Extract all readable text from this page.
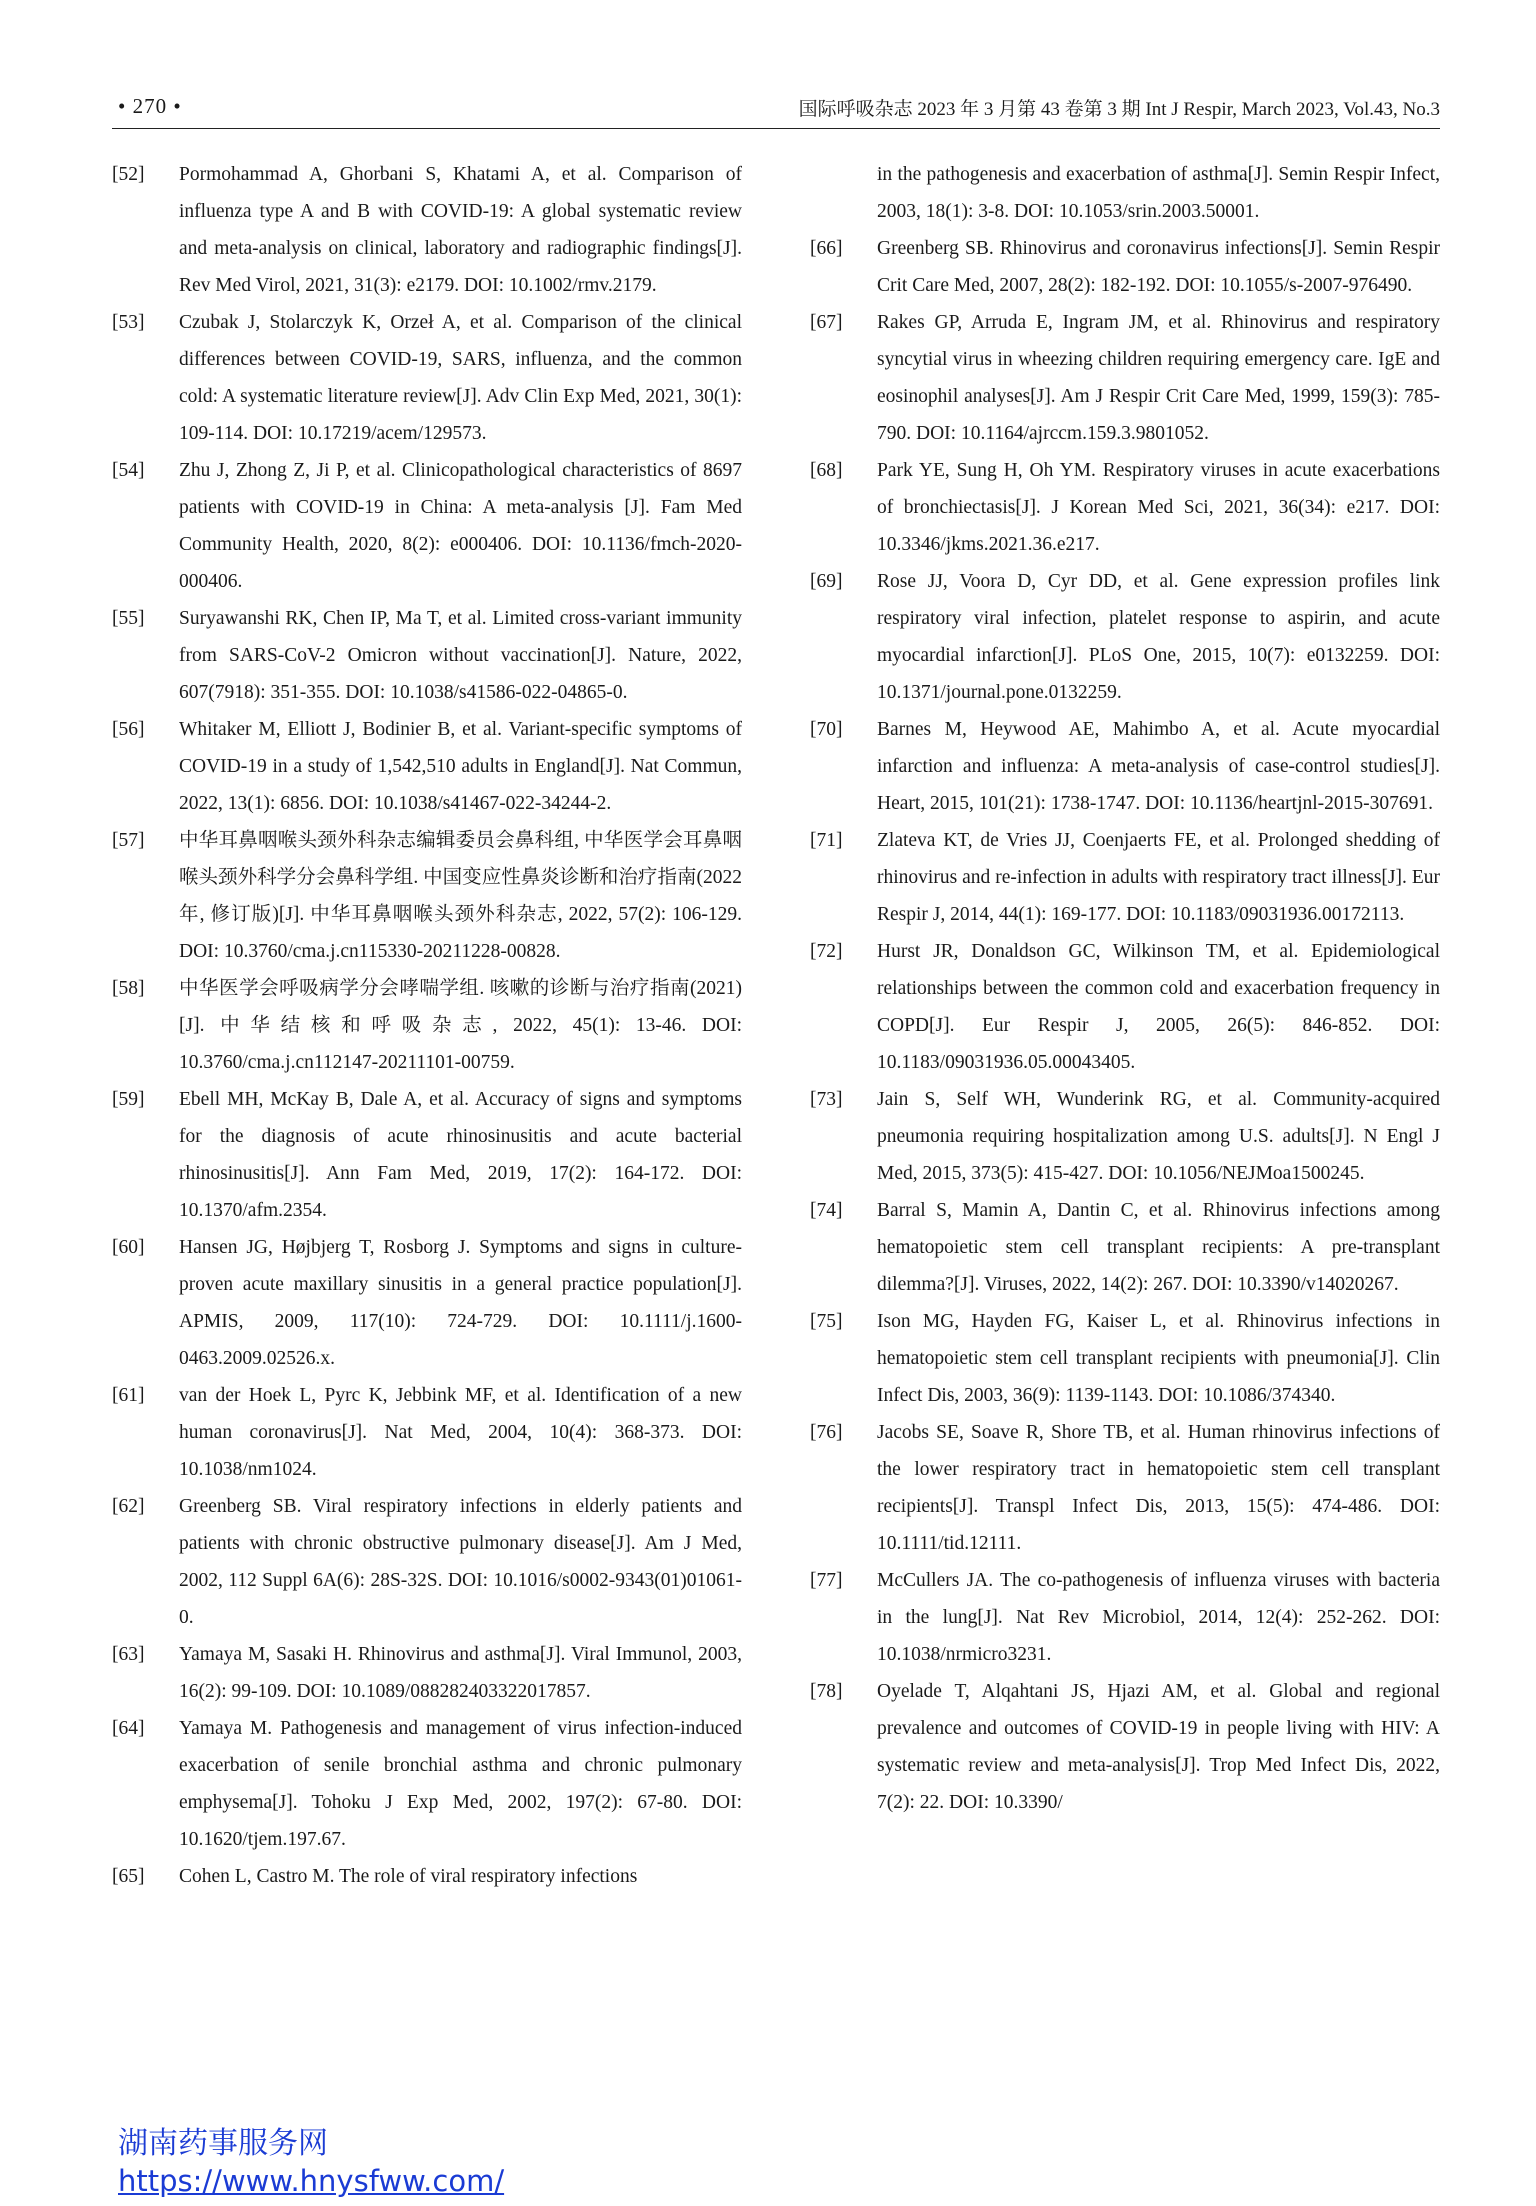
• 270 •	国际呼吸杂志 2023 年 3 月第 43 卷第 3 期 Int J Respir, March 2023, Vol.43, No.3

[52]	Pormohammad A, Ghorbani S, Khatami A, et al. Comparison of influenza type A and B with COVID-19: A global systematic review and meta-analysis on clinical, laboratory and radiographic findings[J]. Rev Med Virol, 2021, 31(3): e2179. DOI: 10.1002/rmv.2179.

[53]	Czubak J, Stolarczyk K, Orzeł A, et al. Comparison of the clinical differences between COVID-19, SARS, influenza, and the common cold: A systematic literature review[J]. Adv Clin Exp Med, 2021, 30(1): 109-114. DOI: 10.17219/acem/129573.

[54]	Zhu J, Zhong Z, Ji P, et al. Clinicopathological characteristics of 8697 patients with COVID-19 in China: A meta-analysis [J]. Fam Med Community Health, 2020, 8(2): e000406. DOI: 10.1136/fmch-2020-000406.

[55]	Suryawanshi RK, Chen IP, Ma T, et al. Limited cross-variant immunity from SARS-CoV-2 Omicron without vaccination[J]. Nature, 2022, 607(7918): 351-355. DOI: 10.1038/s41586-022-04865-0.

[56]	Whitaker M, Elliott J, Bodinier B, et al. Variant-specific symptoms of COVID-19 in a study of 1,542,510 adults in England[J]. Nat Commun, 2022, 13(1): 6856. DOI: 10.1038/s41467-022-34244-2.

[57]	中华耳鼻咽喉头颈外科杂志编辑委员会鼻科组, 中华医学会耳鼻咽喉头颈外科学分会鼻科学组. 中国变应性鼻炎诊断和治疗指南(2022 年, 修订版)[J]. 中华耳鼻咽喉头颈外科杂志, 2022, 57(2): 106-129. DOI: 10.3760/cma.j.cn115330-20211228-00828.

[58]	中华医学会呼吸病学分会哮喘学组. 咳嗽的诊断与治疗指南(2021)[J]. 中华结核和呼吸杂志, 2022, 45(1): 13-46. DOI: 10.3760/cma.j.cn112147-20211101-00759.

[59]	Ebell MH, McKay B, Dale A, et al. Accuracy of signs and symptoms for the diagnosis of acute rhinosinusitis and acute bacterial rhinosinusitis[J]. Ann Fam Med, 2019, 17(2): 164-172. DOI: 10.1370/afm.2354.

[60]	Hansen JG, Højbjerg T, Rosborg J. Symptoms and signs in culture-proven acute maxillary sinusitis in a general practice population[J]. APMIS, 2009, 117(10): 724-729. DOI: 10.1111/j.1600-0463.2009.02526.x.

[61]	van der Hoek L, Pyrc K, Jebbink MF, et al. Identification of a new human coronavirus[J]. Nat Med, 2004, 10(4): 368-373. DOI: 10.1038/nm1024.

[62]	Greenberg SB. Viral respiratory infections in elderly patients and patients with chronic obstructive pulmonary disease[J]. Am J Med, 2002, 112 Suppl 6A(6): 28S-32S. DOI: 10.1016/s0002-9343(01)01061-0.

[63]	Yamaya M, Sasaki H. Rhinovirus and asthma[J]. Viral Immunol, 2003, 16(2): 99-109. DOI: 10.1089/088282403322017857.

[64]	Yamaya M. Pathogenesis and management of virus infection-induced exacerbation of senile bronchial asthma and chronic pulmonary emphysema[J]. Tohoku J Exp Med, 2002, 197(2): 67-80. DOI: 10.1620/tjem.197.67.

[65]	Cohen L, Castro M. The role of viral respiratory infections

in the pathogenesis and exacerbation of asthma[J]. Semin Respir Infect, 2003, 18(1): 3-8. DOI: 10.1053/srin.2003.50001.

[66]	Greenberg SB. Rhinovirus and coronavirus infections[J]. Semin Respir Crit Care Med, 2007, 28(2): 182-192. DOI: 10.1055/s-2007-976490.

[67]	Rakes GP, Arruda E, Ingram JM, et al. Rhinovirus and respiratory syncytial virus in wheezing children requiring emergency care. IgE and eosinophil analyses[J]. Am J Respir Crit Care Med, 1999, 159(3): 785-790. DOI: 10.1164/ajrccm.159.3.9801052.

[68]	Park YE, Sung H, Oh YM. Respiratory viruses in acute exacerbations of bronchiectasis[J]. J Korean Med Sci, 2021, 36(34): e217. DOI: 10.3346/jkms.2021.36.e217.

[69]	Rose JJ, Voora D, Cyr DD, et al. Gene expression profiles link respiratory viral infection, platelet response to aspirin, and acute myocardial infarction[J]. PLoS One, 2015, 10(7): e0132259. DOI: 10.1371/journal.pone.0132259.

[70]	Barnes M, Heywood AE, Mahimbo A, et al. Acute myocardial infarction and influenza: A meta-analysis of case-control studies[J]. Heart, 2015, 101(21): 1738-1747. DOI: 10.1136/heartjnl-2015-307691.

[71]	Zlateva KT, de Vries JJ, Coenjaerts FE, et al. Prolonged shedding of rhinovirus and re-infection in adults with respiratory tract illness[J]. Eur Respir J, 2014, 44(1): 169-177. DOI: 10.1183/09031936.00172113.

[72]	Hurst JR, Donaldson GC, Wilkinson TM, et al. Epidemiological relationships between the common cold and exacerbation frequency in COPD[J]. Eur Respir J, 2005, 26(5): 846-852. DOI: 10.1183/09031936.05.00043405.

[73]	Jain S, Self WH, Wunderink RG, et al. Community-acquired pneumonia requiring hospitalization among U.S. adults[J]. N Engl J Med, 2015, 373(5): 415-427. DOI: 10.1056/NEJMoa1500245.

[74]	Barral S, Mamin A, Dantin C, et al. Rhinovirus infections among hematopoietic stem cell transplant recipients: A pre-transplant dilemma?[J]. Viruses, 2022, 14(2): 267. DOI: 10.3390/v14020267.

[75]	Ison MG, Hayden FG, Kaiser L, et al. Rhinovirus infections in hematopoietic stem cell transplant recipients with pneumonia[J]. Clin Infect Dis, 2003, 36(9): 1139-1143. DOI: 10.1086/374340.

[76]	Jacobs SE, Soave R, Shore TB, et al. Human rhinovirus infections of the lower respiratory tract in hematopoietic stem cell transplant recipients[J]. Transpl Infect Dis, 2013, 15(5): 474-486. DOI: 10.1111/tid.12111.

[77]	McCullers JA. The co-pathogenesis of influenza viruses with bacteria in the lung[J]. Nat Rev Microbiol, 2014, 12(4): 252-262. DOI: 10.1038/nrmicro3231.

[78]	Oyelade T, Alqahtani JS, Hjazi AM, et al. Global and regional prevalence and outcomes of COVID-19 in people living with HIV: A systematic review and meta-analysis[J]. Trop Med Infect Dis, 2022, 7(2): 22. DOI: 10.3390/

湖南药事服务网
https://www.hnysfww.com/
